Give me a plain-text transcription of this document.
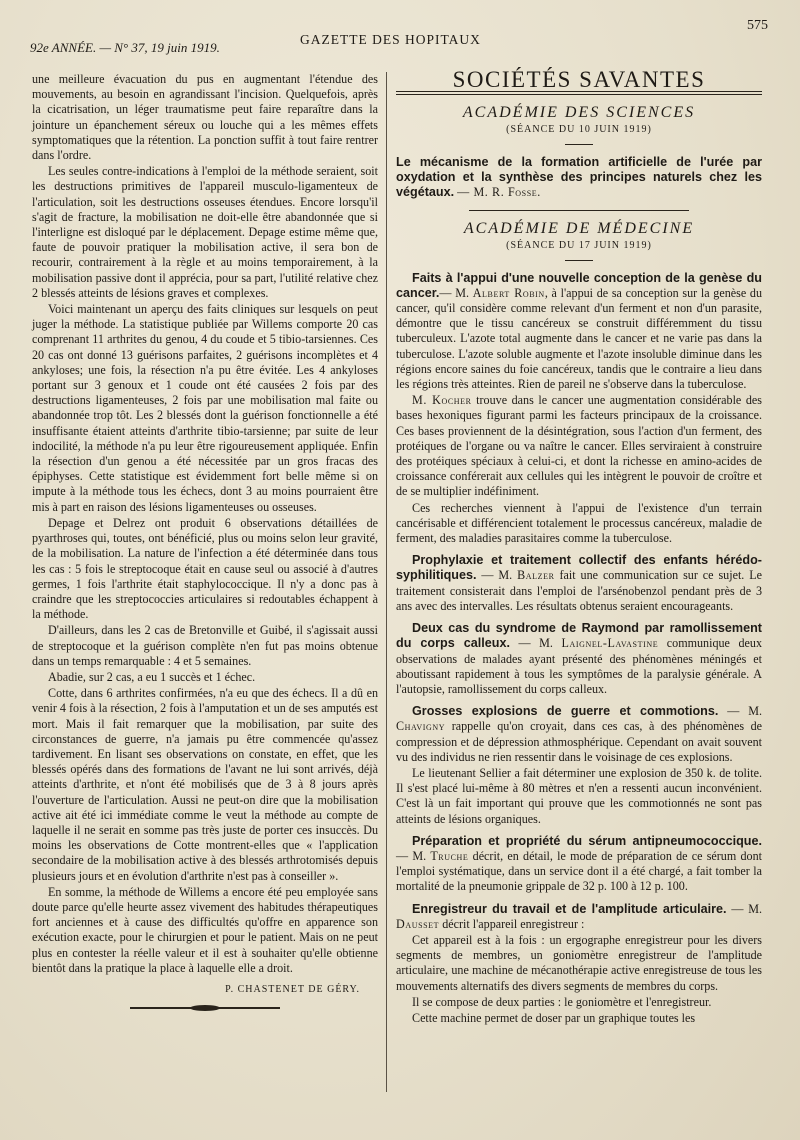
92e ANNÉE. — N° 37, 19 juin 1919.
GAZETTE DES HOPITAUX
575

une meilleure évacuation du pus en augmentant l'étendue des mouvements, au besoin en agrandissant l'incision. Quelquefois, après la cicatrisation, un léger traumatisme peut faire reparaître dans la jointure un épanchement séreux ou louche qui a les mêmes effets symptomatiques que la rétention. La ponction suffit à tout faire rentrer dans l'ordre.

Les seules contre-indications à l'emploi de la méthode seraient, soit les destructions primitives de l'appareil musculo-ligamenteux de l'articulation, soit les destructions osseuses étendues. Encore lorsqu'il s'agit de fracture, la mobilisation ne doit-elle être abandonnée que si l'interligne est disloqué par le déplacement. Depage estime même que, faute de pouvoir pratiquer la mobilisation active, il sera bon de recourir, contrairement à la règle et au moins temporairement, à la mobilisation passive dont il apprécia, pour sa part, l'utilité relative chez 2 blessés atteints de lésions graves et complexes.

Voici maintenant un aperçu des faits cliniques sur lesquels on peut juger la méthode. La statistique publiée par Willems comporte 20 cas comprenant 11 arthrites du genou, 4 du coude et 5 tibio-tarsiennes. Ces 20 cas ont donné 13 guérisons parfaites, 2 guérisons incomplètes et 4 ankyloses; une fois, la résection n'a pu être évitée. Les 4 ankyloses portant sur 3 genoux et 1 coude ont été causées 2 fois par des destructions ligamenteuses, 2 fois par une mobilisation mal faite ou abandonnée trop tôt. Les 2 blessés dont la guérison fonctionnelle a été insuffisante étaient atteints d'arthrite tibio-tarsienne; par suite de leur indocilité, la méthode n'a pu leur être rigoureusement appliquée. Enfin la résection d'un genou a été nécessitée par un gros fracas des épiphyses. Cette statistique est évidemment fort belle même si on impute à la méthode tous les échecs, dont 3 au moins pourraient être mis à part en raison des lésions ligamenteuses ou osseuses.

Depage et Delrez ont produit 6 observations détaillées de pyarthroses qui, toutes, ont bénéficié, plus ou moins selon leur gravité, de la mobilisation. La nature de l'infection a été déterminée dans tous les cas : 5 fois le streptocoque était en cause seul ou associé à d'autres germes, 1 fois l'arthrite était staphylococcique. Il n'y a donc pas à craindre que les streptococcies articulaires si redoutables échappent à la méthode.

D'ailleurs, dans les 2 cas de Bretonville et Guibé, il s'agissait aussi de streptocoque et la guérison complète n'en fut pas moins obtenue dans un temps remarquable : 4 et 5 semaines.

Abadie, sur 2 cas, a eu 1 succès et 1 échec.

Cotte, dans 6 arthrites confirmées, n'a eu que des échecs. Il a dû en venir 4 fois à la résection, 2 fois à l'amputation et un de ses amputés est mort. Mais il fait remarquer que la mobilisation, par suite des circonstances de guerre, n'a jamais pu être commencée qu'assez tardivement. En lisant ses observations on constate, en effet, que les blessés opérés dans des formations de l'avant ne lui sont arrivés, déjà atteints d'arthrite, et n'ont été mobilisés que de 3 à 8 jours après l'ouverture de l'articulation. Aussi ne peut-on dire que la mobilisation active ait été ici immédiate comme le veut la méthode au compte de laquelle il ne serait en somme pas très juste de porter ces insuccès. Du moins les observations de Cotte montrent-elles que « l'application secondaire de la mobilisation active à des blessés arthrotomisés depuis plusieurs jours et en évolution d'arthrite n'est pas à conseiller ».

En somme, la méthode de Willems a encore été peu employée sans doute parce qu'elle heurte assez vivement des habitudes thérapeutiques fort anciennes et à cause des difficultés qu'offre en apparence son exécution exacte, pour le chirurgien et pour le patient. Mais on ne peut plus en contester la réelle valeur et il est à souhaiter qu'elle obtienne bientôt dans la pratique la place à laquelle elle a droit.

P. CHASTENET DE GÉRY.
SOCIÉTÉS SAVANTES
ACADÉMIE DES SCIENCES
(SÉANCE DU 10 JUIN 1919)

Le mécanisme de la formation artificielle de l'urée par oxydation et la synthèse des principes naturels chez les végétaux. — M. R. Fosse.

ACADÉMIE DE MÉDECINE
(SÉANCE DU 17 JUIN 1919)

Faits à l'appui d'une nouvelle conception de la genèse du cancer.— M. Albert Robin, à l'appui de sa conception sur la genèse du cancer, qu'il considère comme relevant d'un ferment et non d'un parasite, démontre que le tissu cancéreux se construit différemment du tissu tuberculeux. L'azote total augmente dans le cancer et ne varie pas dans la tuberculose. L'azote soluble augmente et l'azote insoluble diminue dans les régions encore saines du foie cancéreux, tandis que le contraire a lieu dans les régions très atteintes. Rien de pareil ne s'observe dans la tuberculose.

M. Kocher trouve dans le cancer une augmentation considérable des bases hexoniques figurant parmi les facteurs principaux de la croissance. Ces bases proviennent de la désintégration, sous l'action d'un ferment, des protéiques de l'organe ou va naître le cancer. Elles serviraient à construire des protéiques spéciaux à celui-ci, et dont la richesse en amino-acides de croissance conférerait aux cellules qui les intègrent le pouvoir de croître et de se multiplier indéfiniment.

Ces recherches viennent à l'appui de l'existence d'un terrain cancérisable et différencient totalement le processus cancéreux, maladie de ferment, des maladies parasitaires comme la tuberculose.

Prophylaxie et traitement collectif des enfants hérédo-syphilitiques. — M. Balzer fait une communication sur ce sujet. Le traitement consisterait dans l'emploi de l'arsénobenzol pendant près de 3 ans avec des intervalles. Les résultats obtenus seraient encourageants.

Deux cas du syndrome de Raymond par ramollissement du corps calleux. — M. Laignel-Lavastine communique deux observations de malades ayant présenté des phénomènes méningés et aboutissant rapidement à tous les symptômes de la paralysie générale. A l'autopsie, ramollissement du corps calleux.

Grosses explosions de guerre et commotions. — M. Chavigny rappelle qu'on croyait, dans ces cas, à des phénomènes de compression et de dépression athmosphérique. Cependant on avait souvent vu des individus ne rien ressentir dans le voisinage de ces explosions.

Le lieutenant Sellier a fait déterminer une explosion de 350 k. de tolite. Il s'est placé lui-même à 80 mètres et n'en a ressenti aucun inconvénient. C'est là un fait important qui prouve que les commotionnés ne sont pas atteints de lésions organiques.

Préparation et propriété du sérum antipneumococcique. — M. Truche décrit, en détail, le mode de préparation de ce sérum dont l'emploi systématique, dans un service dont il a été chargé, a fait tomber la mortalité de la pneumonie grippale de 32 p. 100 à 12 p. 100.

Enregistreur du travail et de l'amplitude articulaire. — M. Dausset décrit l'appareil enregistreur :

Cet appareil est à la fois : un ergographe enregistreur pour les divers segments de membres, un goniomètre enregistreur de l'amplitude articulaire, une machine de mécanothérapie active enregistreuse de tous les mouvements alternatifs des divers segments de membres du corps.

Il se compose de deux parties : le goniomètre et l'enregistreur.

Cette machine permet de doser par un graphique toutes les
